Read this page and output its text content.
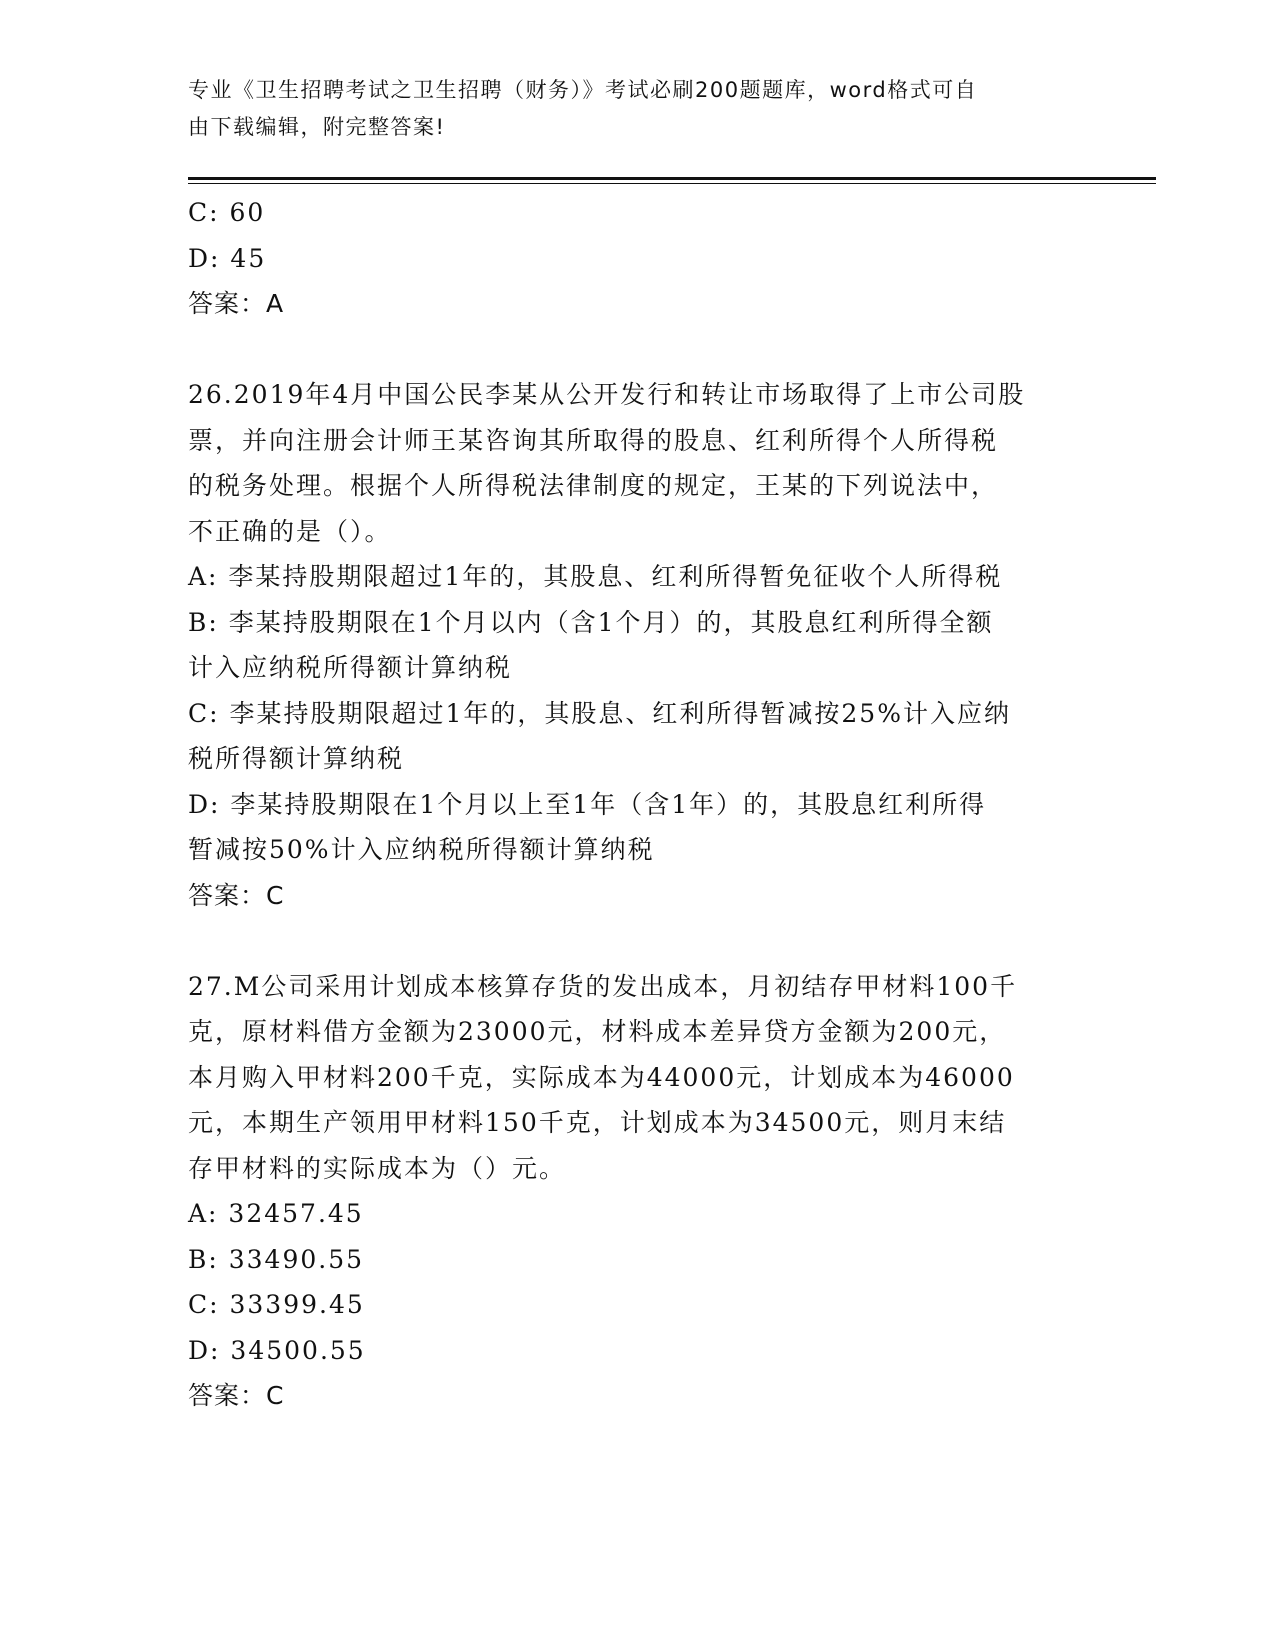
专业《卫生招聘考试之卫生招聘（财务）》考试必刷200题题库，word格式可自
由下载编辑，附完整答案!
C: 60
D: 45
答案：A
26.2019年4月中国公民李某从公开发行和转让市场取得了上市公司股
票，并向注册会计师王某咨询其所取得的股息、红利所得个人所得税
的税务处理。根据个人所得税法律制度的规定，王某的下列说法中，
不正确的是（）。
A: 李某持股期限超过1年的，其股息、红利所得暂免征收个人所得税
B: 李某持股期限在1个月以内（含1个月）的，其股息红利所得全额
计入应纳税所得额计算纳税
C: 李某持股期限超过1年的，其股息、红利所得暂减按25%计入应纳
税所得额计算纳税
D: 李某持股期限在1个月以上至1年（含1年）的，其股息红利所得
暂减按50%计入应纳税所得额计算纳税
答案：C
27.M公司采用计划成本核算存货的发出成本，月初结存甲材料100千
克，原材料借方金额为23000元，材料成本差异贷方金额为200元，
本月购入甲材料200千克，实际成本为44000元，计划成本为46000
元，本期生产领用甲材料150千克，计划成本为34500元，则月末结
存甲材料的实际成本为（）元。
A: 32457.45
B: 33490.55
C: 33399.45
D: 34500.55
答案：C
